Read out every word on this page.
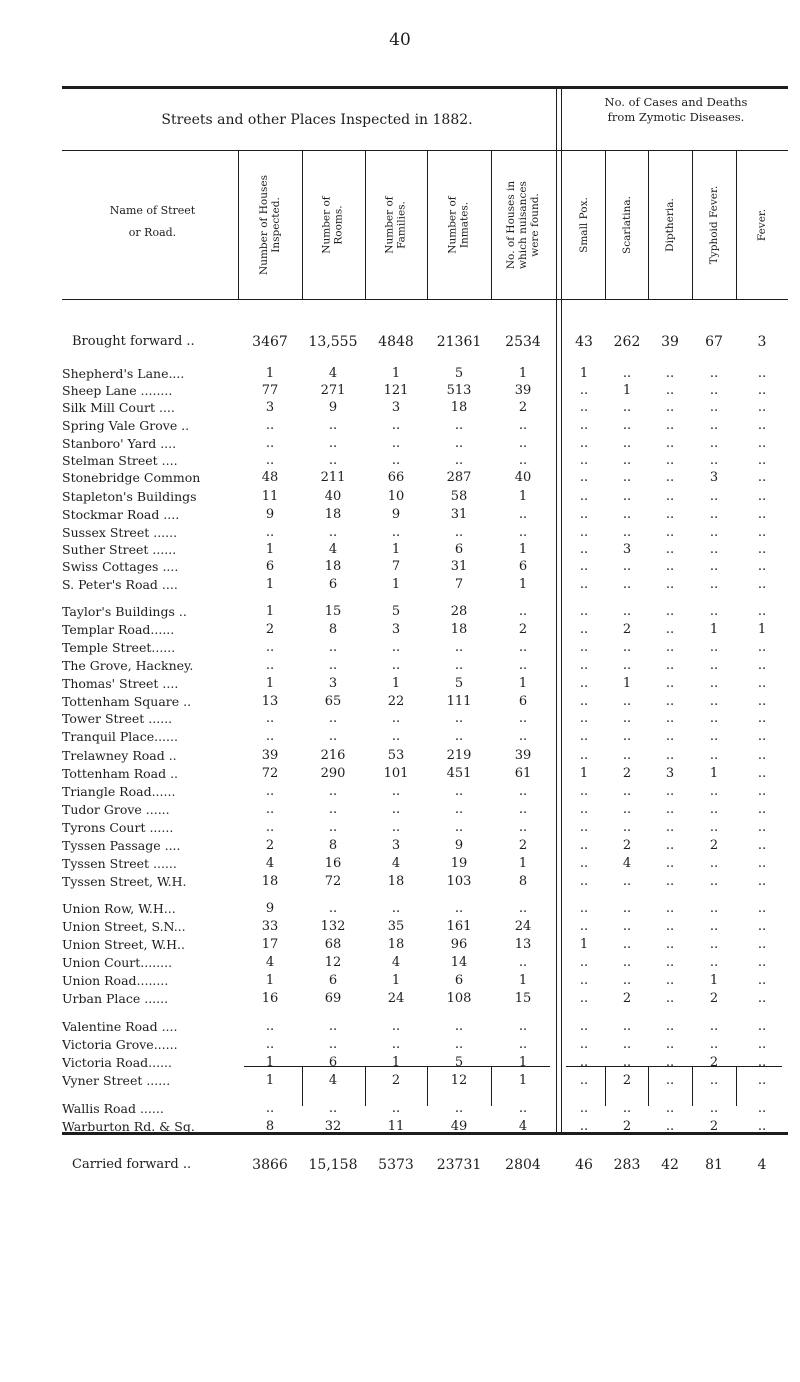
40
Streets and other Places Inspected in 1882.
No. of Cases and Deaths
from Zymotic Diseases.
Name of Street
or Road.	Number of Houses Inspected.	Number of Rooms.	Number of Families.	Number of Inmates.	No. of Houses in which nuisances were found.	Small Pox.	Scarlatina.	Diptheria.	Typhoid Fever.	Fever.
Brought forward ..	3467	13,555	4848	21361	2534	43	262	39	67	3
Shepherd's Lane....	1	4	1	5	1	1	..	..	..	..
Sheep Lane ........	77	271	121	513	39	..	1	..	..	..
Silk Mill Court ....	3	9	3	18	2	..	..	..	..	..
Spring Vale Grove ..	..	..	..	..	..	..	..	..	..	..
Stanboro' Yard ....	..	..	..	..	..	..	..	..	..	..
Stelman Street ....	..	..	..	..	..	..	..	..	..	..
Stonebridge Common	48	211	66	287	40	..	..	..	3	..
Stapleton's Buildings	11	40	10	58	1	..	..	..	..	..
Stockmar Road ....	9	18	9	31	..	..	..	..	..	..
Sussex Street ......	..	..	..	..	..	..	..	..	..	..
Suther Street ......	1	4	1	6	1	..	3	..	..	..
Swiss Cottages ....	6	18	7	31	6	..	..	..	..	..
S. Peter's Road ....	1	6	1	7	1	..	..	..	..	..
Taylor's Buildings ..	1	15	5	28	..	..	..	..	..	..
Templar Road......	2	8	3	18	2	..	2	..	1	1
Temple Street......	..	..	..	..	..	..	..	..	..	..
The Grove, Hackney.	..	..	..	..	..	..	..	..	..	..
Thomas' Street ....	1	3	1	5	1	..	1	..	..	..
Tottenham Square ..	13	65	22	111	6	..	..	..	..	..
Tower Street ......	..	..	..	..	..	..	..	..	..	..
Tranquil Place......	..	..	..	..	..	..	..	..	..	..
Trelawney Road ..	39	216	53	219	39	..	..	..	..	..
Tottenham Road ..	72	290	101	451	61	1	2	3	1	..
Triangle Road......	..	..	..	..	..	..	..	..	..	..
Tudor Grove ......	..	..	..	..	..	..	..	..	..	..
Tyrons Court ......	..	..	..	..	..	..	..	..	..	..
Tyssen Passage ....	2	8	3	9	2	..	2	..	2	..
Tyssen Street ......	4	16	4	19	1	..	4	..	..	..
Tyssen Street, W.H.	18	72	18	103	8	..	..	..	..	..
Union Row, W.H...	9	..	..	..	..	..	..	..	..	..
Union Street, S.N...	33	132	35	161	24	..	..	..	..	..
Union Street, W.H..	17	68	18	96	13	1	..	..	..	..
Union Court........	4	12	4	14	..	..	..	..	..	..
Union Road........	1	6	1	6	1	..	..	..	1	..
Urban Place ......	16	69	24	108	15	..	2	..	2	..
Valentine Road ....	..	..	..	..	..	..	..	..	..	..
Victoria Grove......	..	..	..	..	..	..	..	..	..	..
Victoria Road......	1	6	1	5	1	..	..	..	2	..
Vyner Street ......	1	4	2	12	1	..	2	..	..	..
Wallis Road ......	..	..	..	..	..	..	..	..	..	..
Warburton Rd. & Sq.	8	32	11	49	4	..	2	..	2	..
Carried forward ..	3866	15,158	5373	23731	2804	46	283	42	81	4
